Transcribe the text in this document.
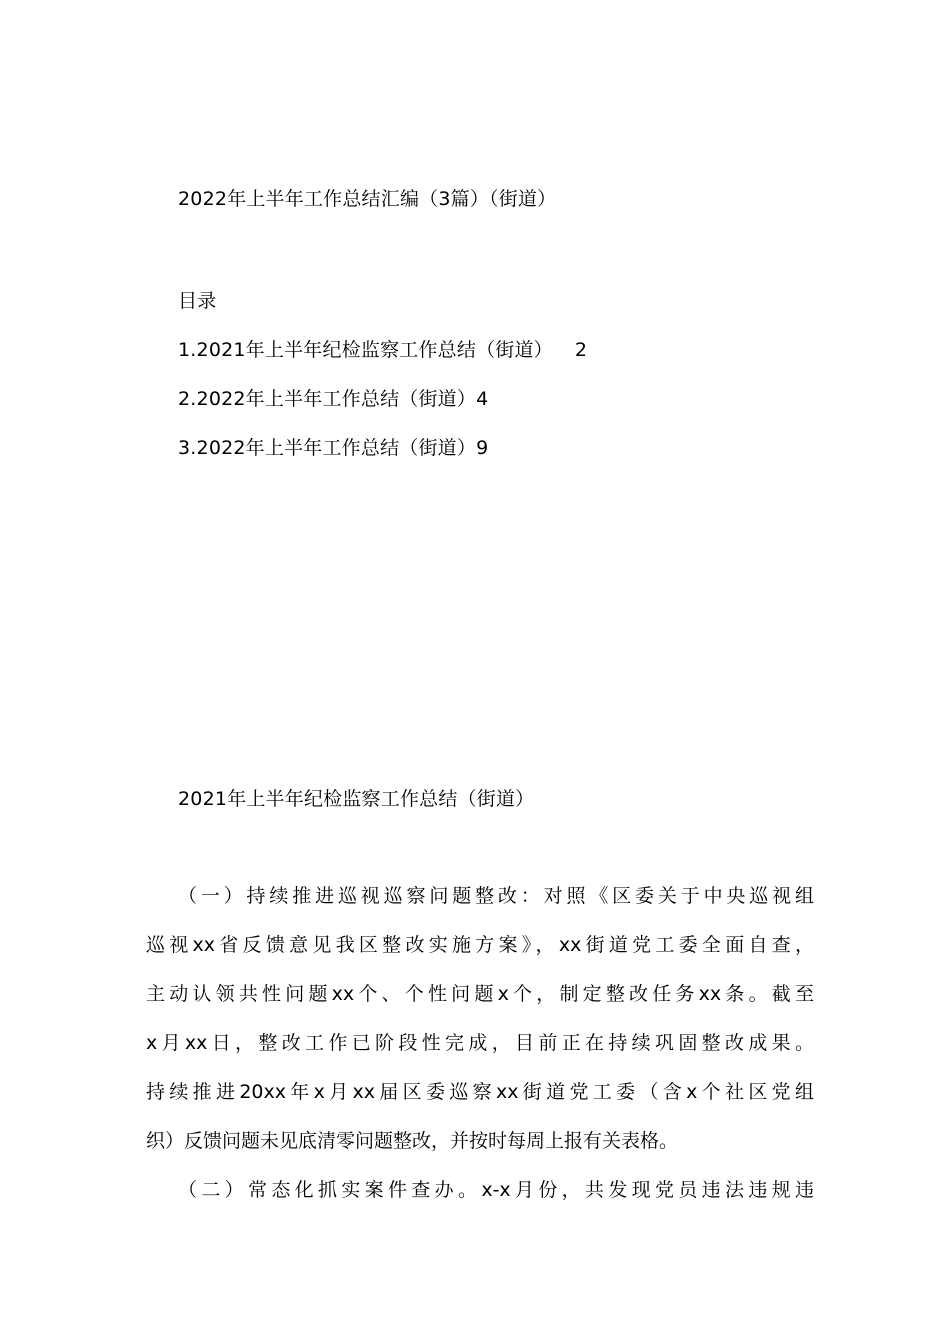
2022年上半年工作总结汇编（3篇）（街道）
目录
1.2021年上半年纪检监察工作总结（街道） 2
2.2022年上半年工作总结（街道）4
3.2022年上半年工作总结（街道）9
2021年上半年纪检监察工作总结（街道）
（一）持续推进巡视巡察问题整改：对照《区委关于中央巡视组
巡视xx省反馈意见我区整改实施方案》，xx街道党工委全面自查，
主动认领共性问题xx个、个性问题x个，制定整改任务xx条。截至
x月xx日，整改工作已阶段性完成，目前正在持续巩固整改成果。
持续推进20xx年x月xx届区委巡察xx街道党工委（含x个社区党组
织）反馈问题未见底清零问题整改，并按时每周上报有关表格。
（二）常态化抓实案件查办。x-x月份，共发现党员违法违规违
